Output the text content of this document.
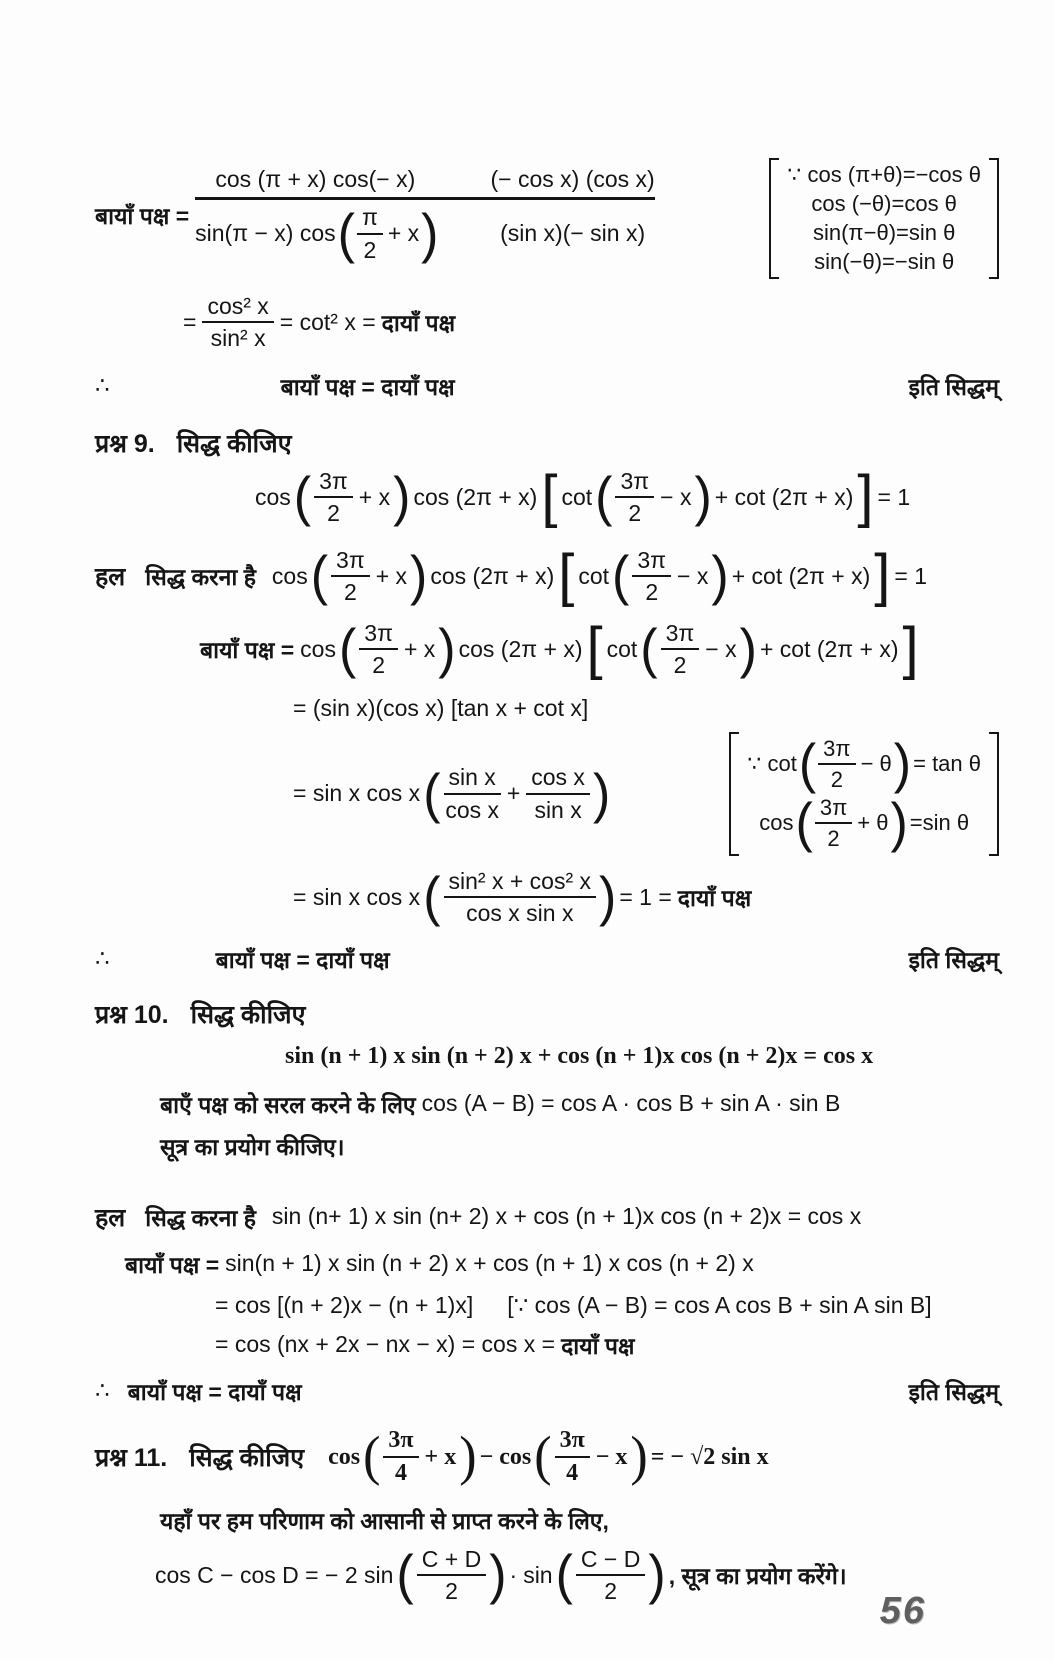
बायाँ पक्ष =
cos (π + x) cos(− x)	(− cos x) (cos x)
sin(π − x) cos ( $\frac{\pi}{2} + x$ )	(sin x)(− sin x)
∵ cos (π+θ)=−cos θ
cos (−θ)=cos θ
sin(π−θ)=sin θ
sin(−θ)=−sin θ
= $\frac{\text{cos² x}}{\text{sin² x}} = \cot^2$ x = दायाँ पक्ष
∴	बायाँ पक्ष = दायाँ पक्ष	इति सिद्धम्
प्रश्न 9. सिद्ध कीजिए
cos ( $\frac{3\pi}{2} + x$ ) cos (2π + x) [ cot ( $\frac{3\pi}{2} - x$ ) + cot (2π + x) ] = 1
हल सिद्ध करना है cos ( $\frac{3\pi}{2} + x$ ) cos (2π + x) [ cot ( $\frac{3\pi}{2} - x$ ) + cot (2π + x) ] = 1
बायाँ पक्ष = cos ( $\frac{3\pi}{2} + x$ ) cos (2π + x) [ cot ( $\frac{3\pi}{2} - x$ ) + cot (2π + x) ]
= (sin x)(cos x) [tan x + cot x]
= sin x cos x ( $\frac{\text{sin x}}{\text{cos x}} + \frac{\text{cos x}}{\text{sin x}}$ )	∵ cot ( $\frac{3\pi}{2} - \theta$ ) = tan θ
cos ( $\frac{3\pi}{2} + \theta$ ) =sin θ
= sin x cos x ( $\frac{\text{sin² x + cos² x}}{\text{cos x sin x}}$ ) = 1 = दायाँ पक्ष
∴	बायाँ पक्ष = दायाँ पक्ष	इति सिद्धम्
प्रश्न 10. सिद्ध कीजिए
sin (n + 1) x sin (n + 2) x + cos (n + 1)x cos (n + 2)x = cos x
बाएँ पक्ष को सरल करने के लिए cos (A − B) = cos A · cos B + sin A · sin B
सूत्र का प्रयोग कीजिए।
हल सिद्ध करना है sin (n+ 1) x sin (n+ 2) x + cos (n + 1)x cos (n + 2)x = cos x
बायाँ पक्ष = sin(n + 1) x sin (n + 2) x + cos (n + 1) x cos (n + 2) x
= cos [(n + 2)x − (n + 1)x] [∵ cos (A − B) = cos A cos B + sin A sin B]
= cos (nx + 2x − nx − x) = cos x = दायाँ पक्ष
∴ बायाँ पक्ष = दायाँ पक्ष	इति सिद्धम्
प्रश्न 11. सिद्ध कीजिए cos ( $\frac{3\pi}{4} + x$ ) − cos ( $\frac{3\pi}{4} - x$ ) = − √2 sin x
यहाँ पर हम परिणाम को आसानी से प्राप्त करने के लिए,
cos C − cos D = − 2 sin ( $\frac{C + D}{2}$ ) · sin ( $\frac{C - D}{2}$ ) , सूत्र का प्रयोग करेंगे।
56
